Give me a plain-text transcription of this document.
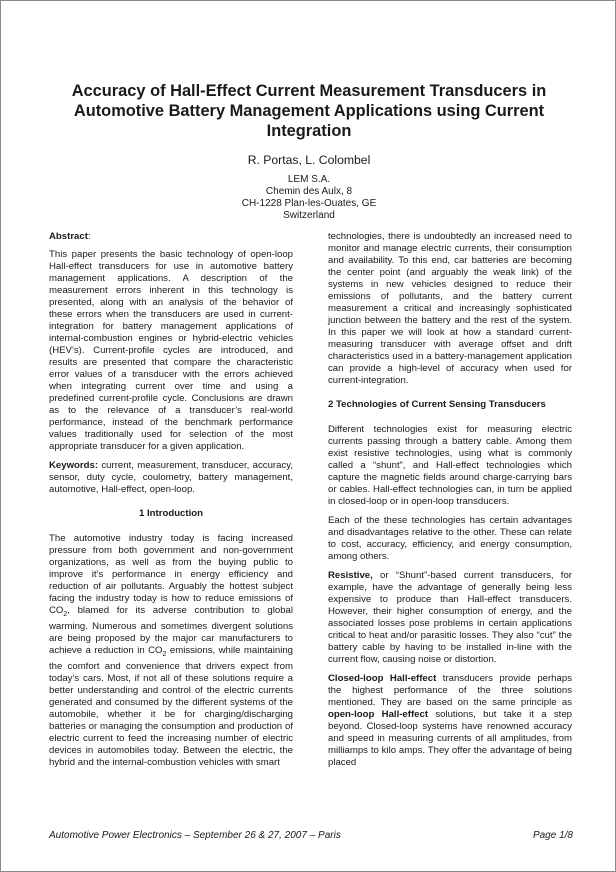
Accuracy of Hall-Effect Current Measurement Transducers in Automotive Battery Management Applications using Current Integration
R. Portas, L. Colombel
LEM S.A.
Chemin des Aulx, 8
CH-1228 Plan-les-Ouates, GE
Switzerland

Abstract:

This paper presents the basic technology of open-loop Hall-effect transducers for use in automotive battery management applications. A description of the measurement errors inherent in this technology is presented, along with an analysis of the behavior of these errors when the transducers are used in current-integration for battery management applications of internal-combustion engines or hybrid-electric vehicles (HEV’s). Current-profile cycles are introduced, and results are presented that compare the characteristic error values of a transducer with the errors achieved when integrating current over time and using a predefined current-profile cycle. Conclusions are drawn as to the relevance of a transducer’s real-world performance, instead of the benchmark performance values traditionally used for selection of the most appropriate transducer for a given application.

Keywords: current, measurement, transducer, accuracy, sensor, duty cycle, coulometry, battery management, automotive, Hall-effect, open-loop.

1 Introduction

The automotive industry today is facing increased pressure from both government and non-government organizations, as well as from the buying public to improve it’s performance in energy efficiency and reduction of air pollutants. Arguably the hottest subject facing the industry today is how to reduce emissions of $CO_2$, blamed for its adverse contribution to global warming. Numerous and sometimes divergent solutions are being proposed by the major car manufacturers to achieve a reduction in $CO_2$ emissions, while maintaining the comfort and convenience that drivers expect from today’s cars. Most, if not all of these solutions require a better understanding and control of the electric currents generated and consumed by the different systems of the automobile, whether it be for charging/discharging batteries or managing the consumption and production of electric current to feed the increasing number of electric devices in automobiles today. Between the electric, the hybrid and the internal-combustion vehicles with smart

technologies, there is undoubtedly an increased need to monitor and manage electric currents, their consumption and availability. To this end, car batteries are becoming the center point (and arguably the weak link) of the systems in new vehicles designed to reduce their emissions of pollutants, and the battery current measurement a critical and increasingly sophisticated junction between the battery and the rest of the system. In this paper we will look at how a standard current-measuring transducer with average offset and drift characteristics used in a battery-management application can provide a high-level of accuracy when used for current-integration.

2 Technologies of Current Sensing Transducers

Different technologies exist for measuring electric currents passing through a battery cable. Among them exist resistive technologies, using what is commonly called a “shunt”, and Hall-effect technologies which capture the magnetic fields around charge-carrying bars or cables. Hall-effect technologies can, in turn be applied in closed-loop or in open-loop transducers.

Each of the these technologies has certain advantages and disadvantages relative to the other. These can relate to cost, accuracy, efficiency, and energy consumption, among others.

Resistive, or “Shunt”-based current transducers, for example, have the advantage of generally being less expensive to produce than Hall-effect transducers. However, their higher consumption of energy, and the associated losses pose problems in certain applications critical to heat and/or parasitic losses. They also “cut” the battery cable by having to be installed in-line with the current flow, causing noise or distortion.

Closed-loop Hall-effect transducers provide perhaps the highest performance of the three solutions mentioned. They are based on the same principle as open-loop Hall-effect solutions, but take it a step beyond. Closed-loop systems have renowned accuracy and speed in measuring currents of all amplitudes, from milliamps to kilo amps. They offer the advantage of being placed

Automotive Power Electronics – September 26 & 27, 2007 – Paris	Page 1/8
